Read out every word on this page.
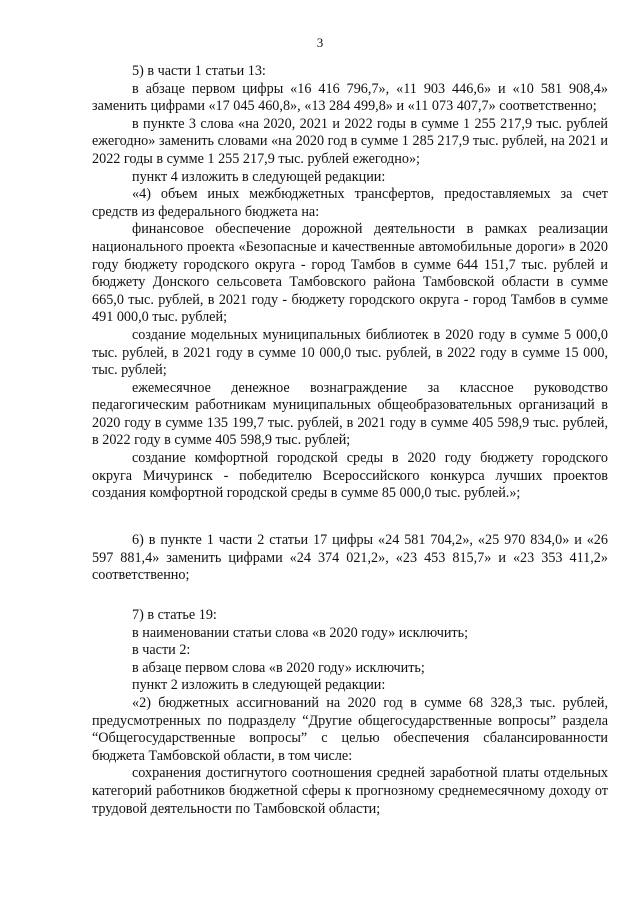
3

5) в части 1 статьи 13:

в абзаце первом цифры «16 416 796,7», «11 903 446,6» и «10 581 908,4» заменить цифрами «17 045 460,8», «13 284 499,8» и «11 073 407,7» соответственно;

в пункте 3 слова «на 2020, 2021 и 2022 годы в сумме 1 255 217,9 тыс. рублей ежегодно» заменить словами «на 2020 год в сумме 1 285 217,9 тыс. рублей, на 2021 и 2022 годы в сумме 1 255 217,9 тыс. рублей ежегодно»;

пункт 4 изложить в следующей редакции:

«4) объем иных межбюджетных трансфертов, предоставляемых за счет средств из федерального бюджета на:

финансовое обеспечение дорожной деятельности в рамках реализации национального проекта «Безопасные и качественные автомобильные дороги» в 2020 году бюджету городского округа - город Тамбов в сумме 644 151,7 тыс. рублей и бюджету Донского сельсовета Тамбовского района Тамбовской области в сумме 665,0 тыс. рублей, в 2021 году - бюджету городского округа - город Тамбов в сумме 491 000,0 тыс. рублей;

создание модельных муниципальных библиотек в 2020 году в сумме 5 000,0 тыс. рублей, в 2021 году в сумме 10 000,0 тыс. рублей, в 2022 году в сумме 15 000, тыс. рублей;

ежемесячное денежное вознаграждение за классное руководство педагогическим работникам муниципальных общеобразовательных организаций в 2020 году в сумме 135 199,7 тыс. рублей, в 2021 году в сумме 405 598,9 тыс. рублей, в 2022 году в сумме 405 598,9 тыс. рублей;

создание комфортной городской среды в 2020 году бюджету городского округа Мичуринск - победителю Всероссийского конкурса лучших проектов создания комфортной городской среды в сумме 85 000,0 тыс. рублей.»;

6) в пункте 1 части 2 статьи 17 цифры «24 581 704,2», «25 970 834,0» и «26 597 881,4» заменить цифрами «24 374 021,2», «23 453 815,7» и «23 353 411,2» соответственно;

7) в статье 19:

в наименовании статьи слова «в 2020 году» исключить;

в части 2:

в абзаце первом слова «в 2020 году» исключить;

пункт 2 изложить в следующей редакции:

«2) бюджетных ассигнований на 2020 год в сумме 68 328,3 тыс. рублей, предусмотренных по подразделу “Другие общегосударственные вопросы” раздела “Общегосударственные вопросы” с целью обеспечения сбалансированности бюджета Тамбовской области, в том числе:

сохранения достигнутого соотношения средней заработной платы отдельных категорий работников бюджетной сферы к прогнозному среднемесячному доходу от трудовой деятельности по Тамбовской области;
